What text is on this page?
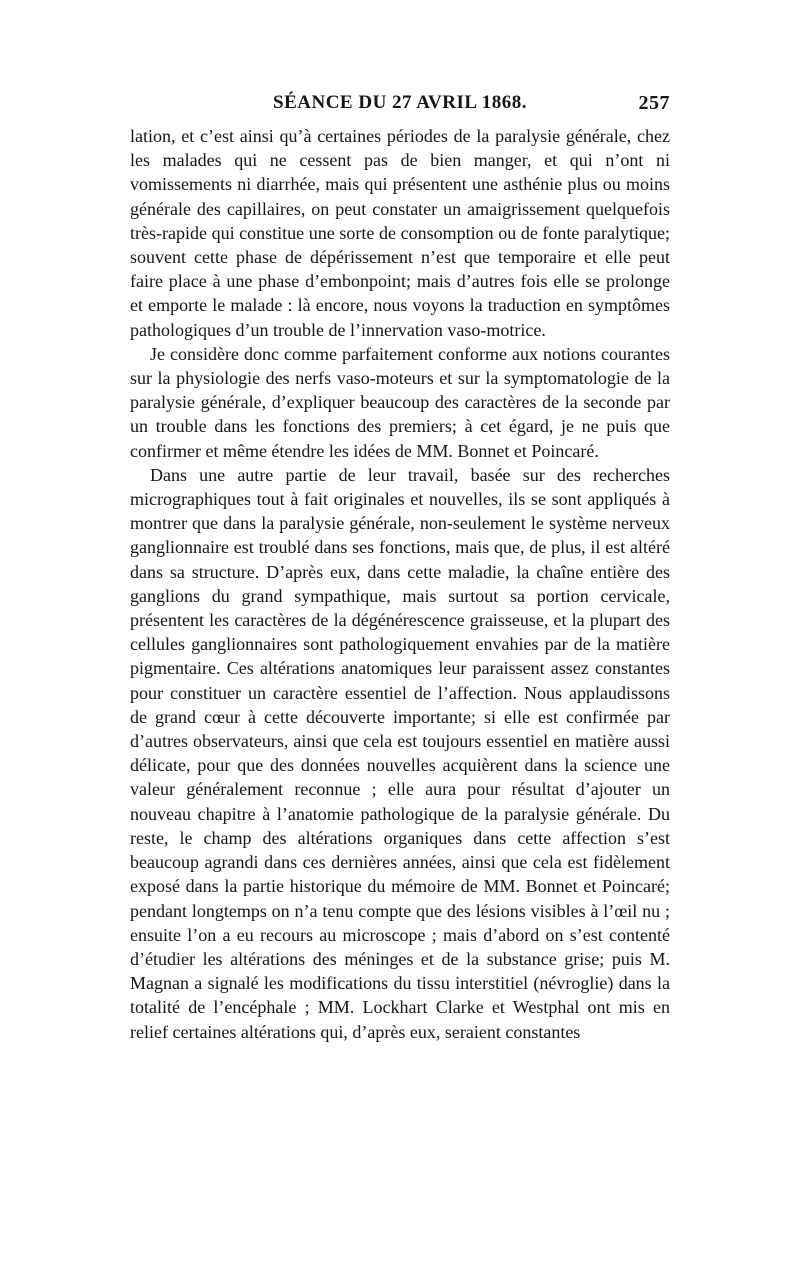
SÉANCE DU 27 AVRIL 1868.	257

lation, et c’est ainsi qu’à certaines périodes de la paralysie générale, chez les malades qui ne cessent pas de bien manger, et qui n’ont ni vomissements ni diarrhée, mais qui présentent une asthénie plus ou moins générale des capillaires, on peut constater un amaigrissement quelquefois très-rapide qui constitue une sorte de consomption ou de fonte paralytique; souvent cette phase de dépérissement n’est que temporaire et elle peut faire place à une phase d’embonpoint; mais d’autres fois elle se prolonge et emporte le malade : là encore, nous voyons la traduction en symptômes pathologiques d’un trouble de l’innervation vaso-motrice.

Je considère donc comme parfaitement conforme aux notions courantes sur la physiologie des nerfs vaso-moteurs et sur la symptomatologie de la paralysie générale, d’expliquer beaucoup des caractères de la seconde par un trouble dans les fonctions des premiers; à cet égard, je ne puis que confirmer et même étendre les idées de MM. Bonnet et Poincaré.

Dans une autre partie de leur travail, basée sur des recherches micrographiques tout à fait originales et nouvelles, ils se sont appliqués à montrer que dans la paralysie générale, non-seulement le système nerveux ganglionnaire est troublé dans ses fonctions, mais que, de plus, il est altéré dans sa structure. D’après eux, dans cette maladie, la chaîne entière des ganglions du grand sympathique, mais surtout sa portion cervicale, présentent les caractères de la dégénérescence graisseuse, et la plupart des cellules ganglionnaires sont pathologiquement envahies par de la matière pigmentaire. Ces altérations anatomiques leur paraissent assez constantes pour constituer un caractère essentiel de l’affection. Nous applaudissons de grand cœur à cette découverte importante; si elle est confirmée par d’autres observateurs, ainsi que cela est toujours essentiel en matière aussi délicate, pour que des données nouvelles acquièrent dans la science une valeur généralement reconnue ; elle aura pour résultat d’ajouter un nouveau chapitre à l’anatomie pathologique de la paralysie générale. Du reste, le champ des altérations organiques dans cette affection s’est beaucoup agrandi dans ces dernières années, ainsi que cela est fidèlement exposé dans la partie historique du mémoire de MM. Bonnet et Poincaré; pendant longtemps on n’a tenu compte que des lésions visibles à l’œil nu ; ensuite l’on a eu recours au microscope ; mais d’abord on s’est contenté d’étudier les altérations des méninges et de la substance grise; puis M. Magnan a signalé les modifications du tissu interstitiel (névroglie) dans la totalité de l’encéphale ; MM. Lockhart Clarke et Westphal ont mis en relief certaines altérations qui, d’après eux, seraient constantes
